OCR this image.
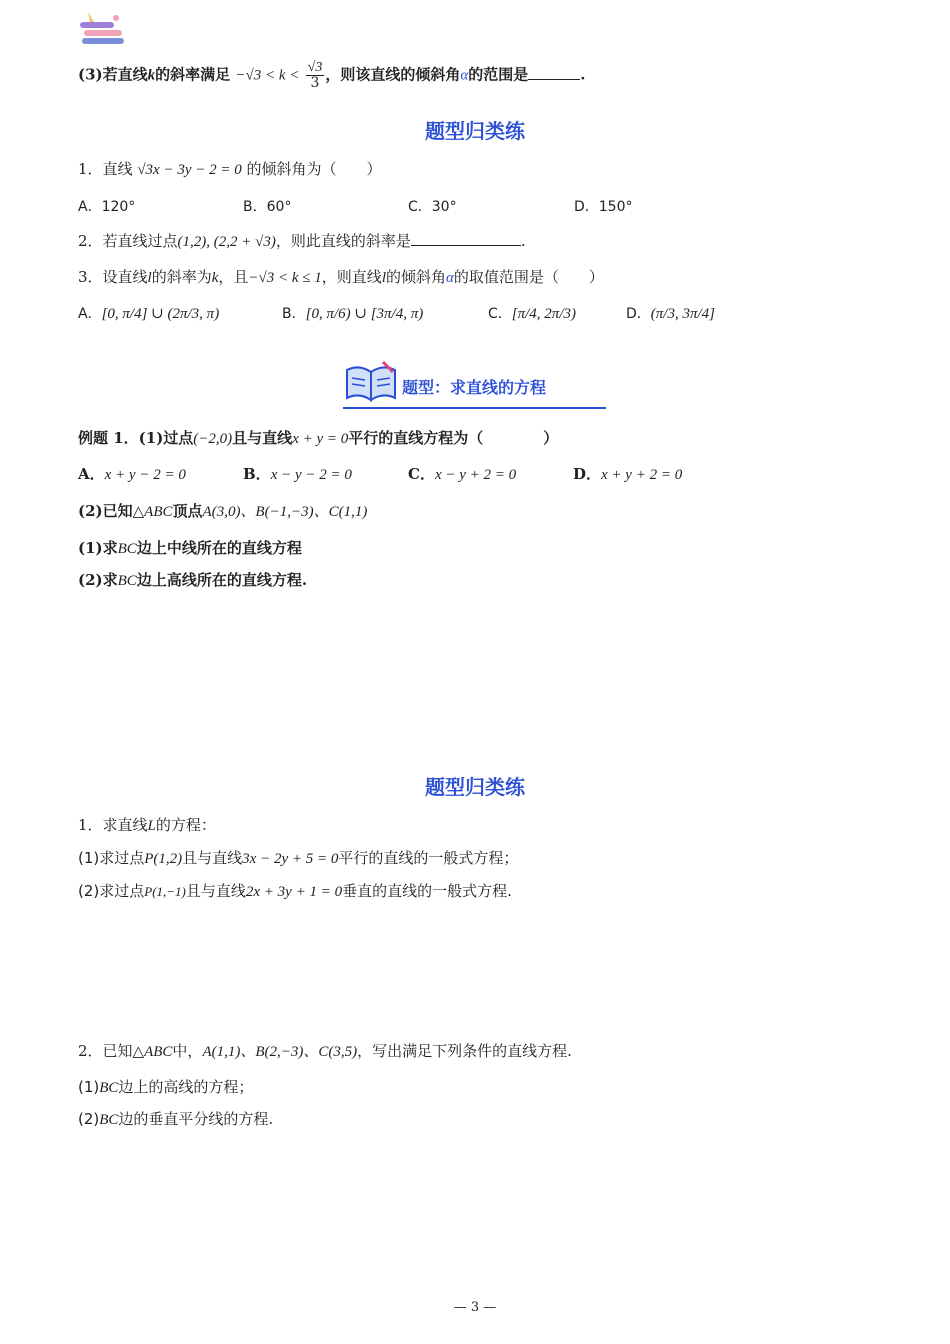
(3)若直线k的斜率满足 $-√3 < k < \frac{√3}{3}$ ，则该直线的倾斜角α的范围是	.
题型归类练
1．直线 √3x − 3y − 2 = 0 的倾斜角为（　　）
A．120°	B．60°	C．30°	D．150°
2．若直线过点(1,2), (2,2 + √3)，则此直线的斜率是	.
3．设直线l的斜率为k，且−√3 < k ≤ 1，则直线l的倾斜角α的取值范围是（　　）
A．[0, π/4] ∪ (2π/3, π)	B．[0, π/6) ∪ [3π/4, π)	C．[π/4, 2π/3)	D．(π/3, 3π/4]
题型：求直线的方程
例题 1．(1)过点(−2,0)且与直线x + y = 0平行的直线方程为（　　　　）
A．x + y − 2 = 0	B．x − y − 2 = 0	C．x − y + 2 = 0	D．x + y + 2 = 0
(2)已知△ABC顶点A(3,0)、B(−1,−3)、C(1,1)
(1)求BC边上中线所在的直线方程
(2)求BC边上高线所在的直线方程.
题型归类练
1．求直线L的方程：
(1)求过点P(1,2)且与直线3x − 2y + 5 = 0平行的直线的一般式方程；
(2)求过点P(1,−1)且与直线2x + 3y + 1 = 0垂直的直线的一般式方程.
2．已知△ABC中，A(1,1)、B(2,−3)、C(3,5)，写出满足下列条件的直线方程.
(1)BC边上的高线的方程；
(2)BC边的垂直平分线的方程.
— 3 —
